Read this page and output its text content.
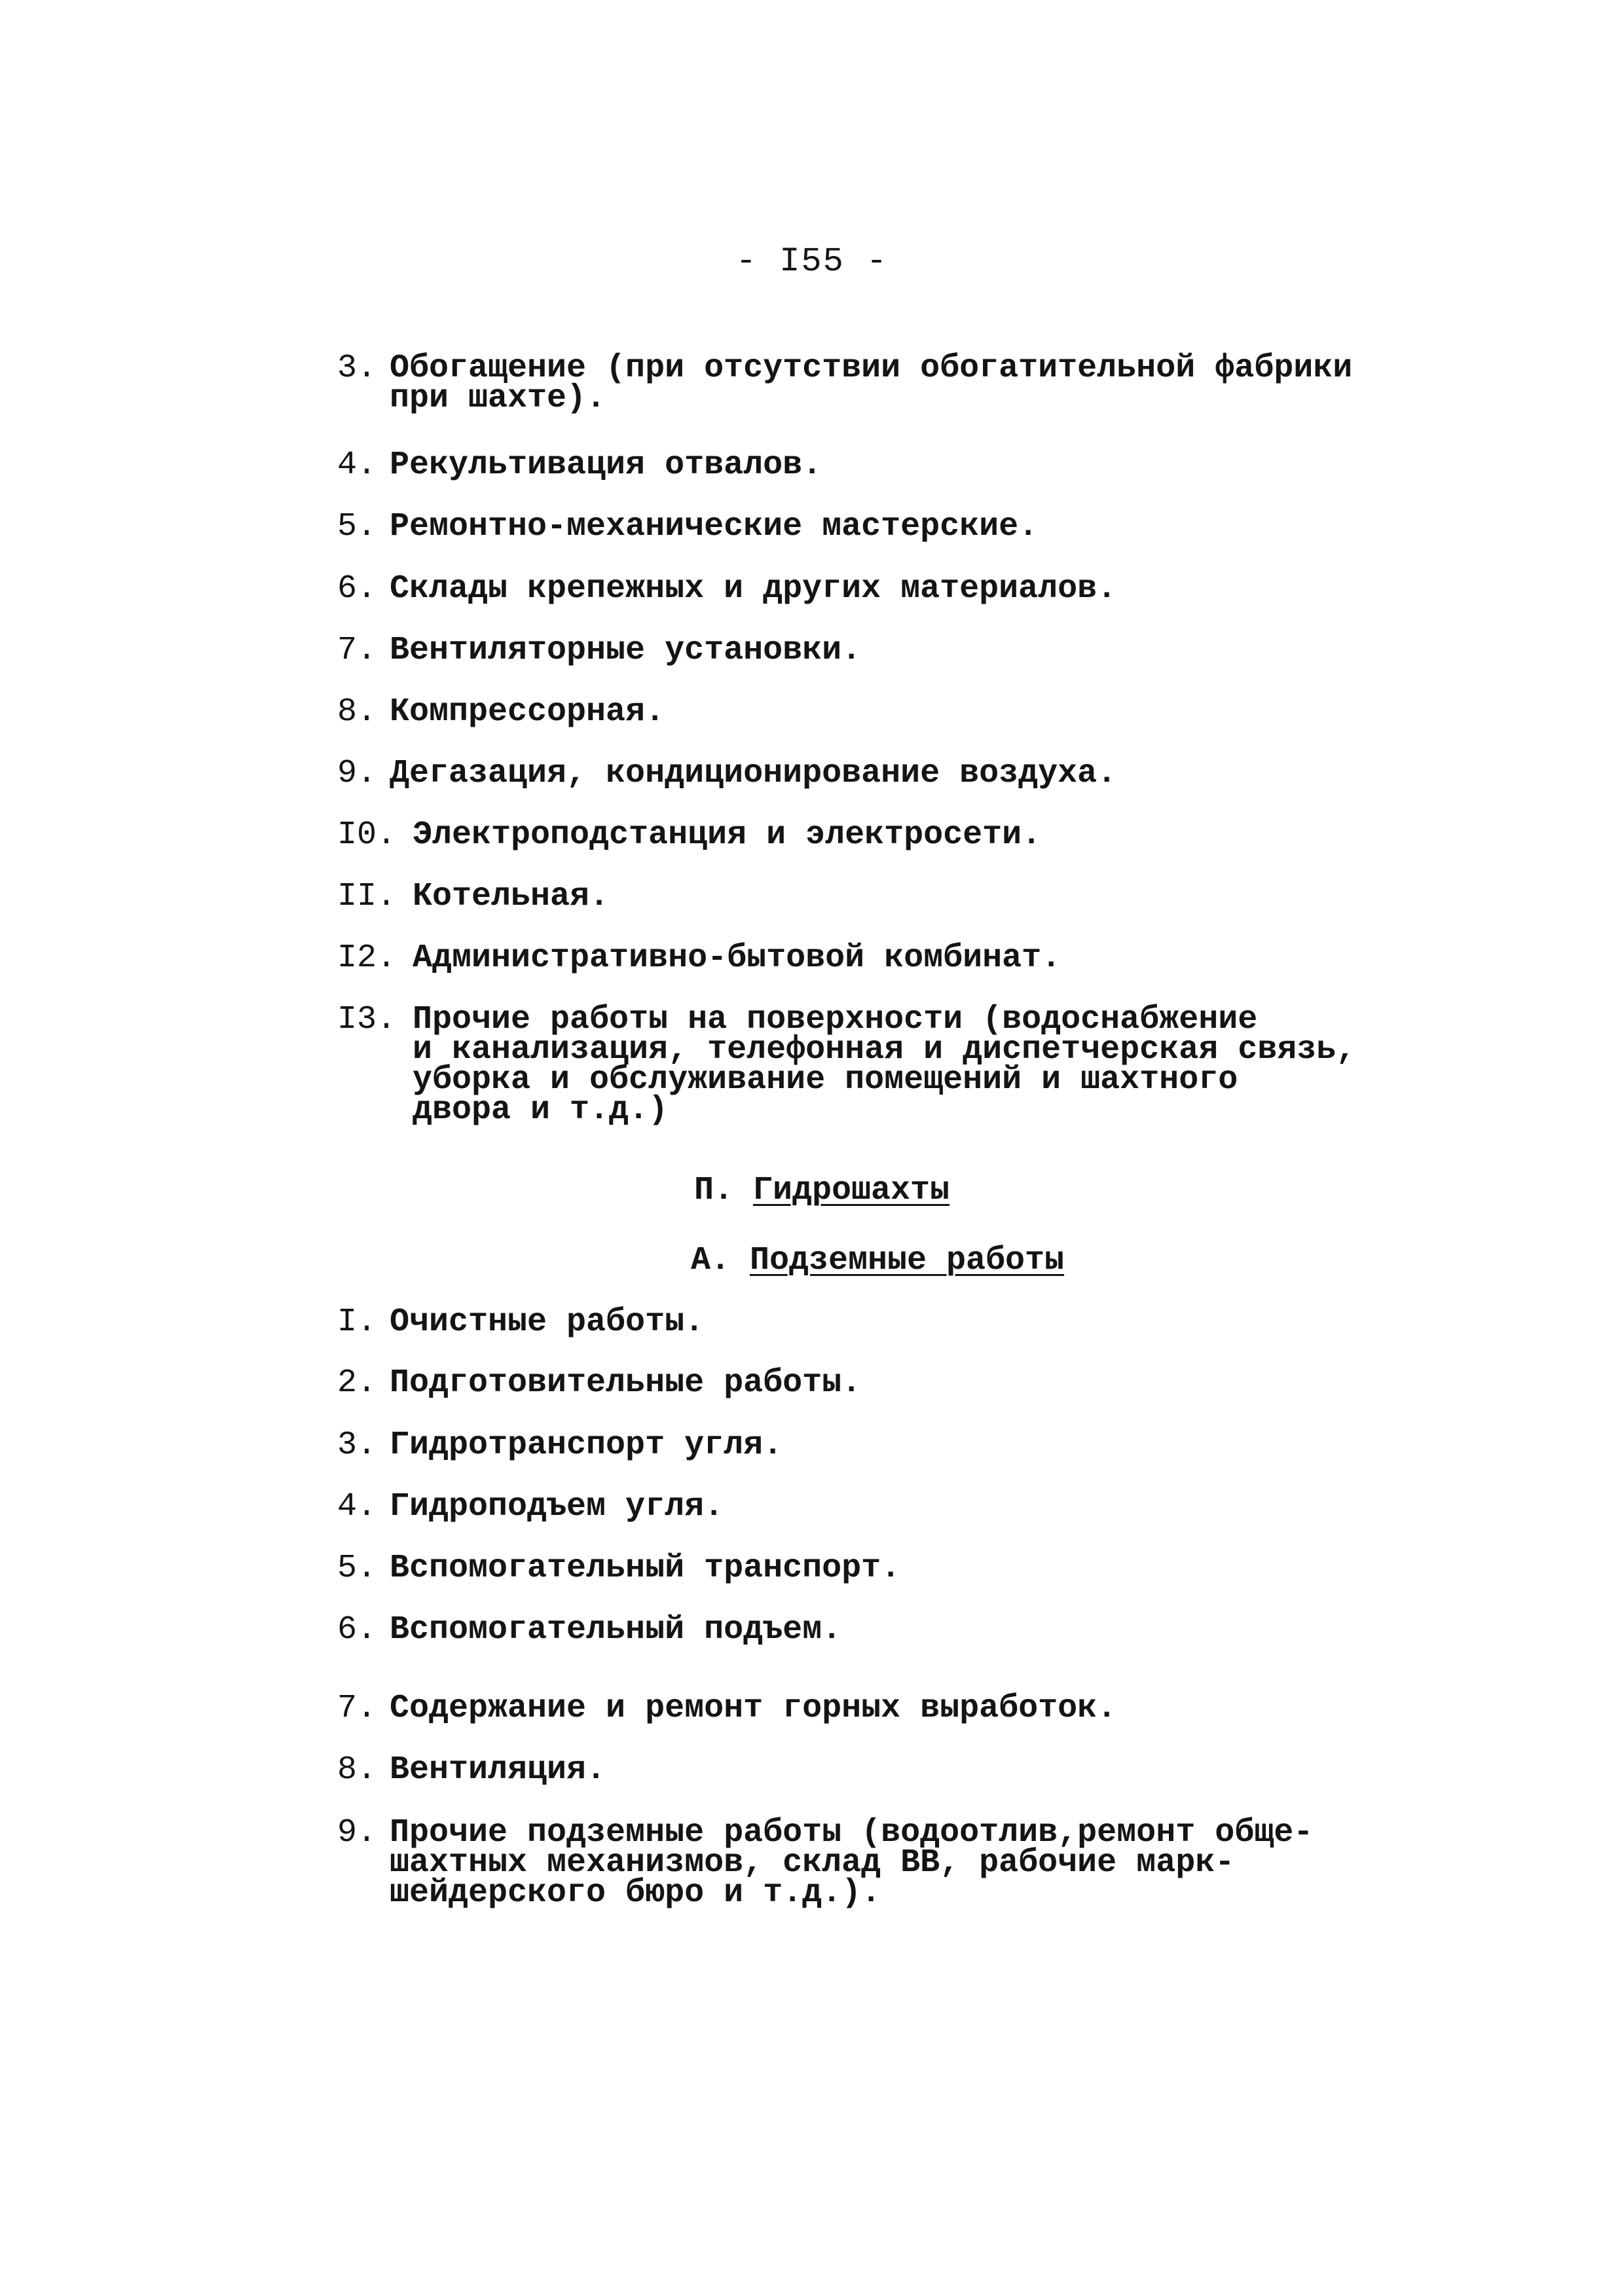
- I55 -
3. Обогащение (при отсутствии обогатительной фабрики
при шахте).
4. Рекультивация отвалов.
5. Ремонтно-механические мастерские.
6. Склады крепежных и других материалов.
7. Вентиляторные установки.
8. Компрессорная.
9. Дегазация, кондиционирование воздуха.
I0. Электроподстанция и электросети.
II. Котельная.
I2. Административно-бытовой комбинат.
I3. Прочие работы на поверхности (водоснабжение
и канализация, телефонная и диспетчерская связь,
уборка и обслуживание помещений и шахтного
двора и т.д.)
П. Гидрошахты
А. Подземные работы
I. Очистные работы.
2. Подготовительные работы.
3. Гидротранспорт угля.
4. Гидроподъем угля.
5. Вспомогательный транспорт.
6. Вспомогательный подъем.
7. Содержание и ремонт горных выработок.
8. Вентиляция.
9. Прочие подземные работы (водоотлив,ремонт обще-
шахтных механизмов, склад ВВ, рабочие марк-
шейдерского бюро и т.д.).
